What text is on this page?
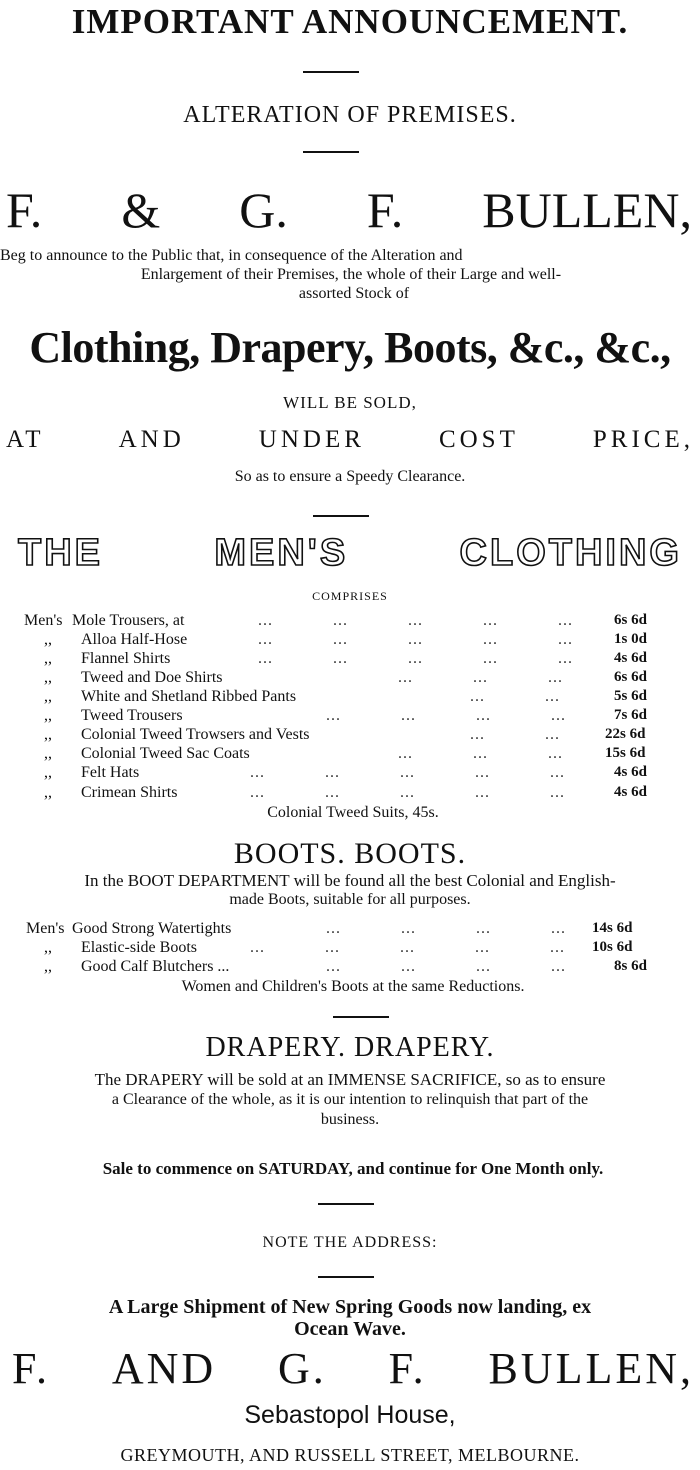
IMPORTANT ANNOUNCEMENT.
ALTERATION OF PREMISES.
F. & G. F. BULLEN,
Beg to announce to the Public that, in consequence of the Alteration and
Enlargement of their Premises, the whole of their Large and well-
assorted Stock of
Clothing, Drapery, Boots, &c., &c.,
WILL BE SOLD,
AT	AND	UNDER	COST	PRICE,
So as to ensure a Speedy Clearance.
THE	MEN'S	CLOTHING
COMPRISES
Men's Mole Trousers, at	...            ...            ...            ...            ...	6s 6d
,, Alloa Half-Hose	...            ...            ...            ...            ...	1s 0d
,, Flannel Shirts	...            ...            ...            ...            ...	4s 6d
,, Tweed and Doe Shirts	...            ...            ...	6s 6d
,, White and Shetland Ribbed Pants	...            ...	5s 6d
,, Tweed Trousers	...            ...            ...            ...	7s 6d
,, Colonial Tweed Trowsers and Vests	...            ...	22s 6d
,, Colonial Tweed Sac Coats	...            ...            ...	15s 6d
,, Felt Hats	...            ...            ...            ...            ...	4s 6d
,, Crimean Shirts	...            ...            ...            ...            ...	4s 6d
Colonial Tweed Suits, 45s.
BOOTS. BOOTS.
In the BOOT DEPARTMENT will be found all the best Colonial and English-
made Boots, suitable for all purposes.
Men's Good Strong Watertights	...            ...            ...            ... 14s 6d
,, Elastic-side Boots	...            ...            ...            ...            ... 10s 6d
,, Good Calf Blutchers ...	...            ...            ...            ...	8s 6d
Women and Children's Boots at the same Reductions.
DRAPERY. DRAPERY.
The DRAPERY will be sold at an IMMENSE SACRIFICE, so as to ensure
a Clearance of the whole, as it is our intention to relinquish that part of the
business.
Sale to commence on SATURDAY, and continue for One Month only.
NOTE THE ADDRESS:
A Large Shipment of New Spring Goods now landing, ex
Ocean Wave.
F. AND G. F. BULLEN,
Sebastopol House,
GREYMOUTH, AND RUSSELL STREET, MELBOURNE.
